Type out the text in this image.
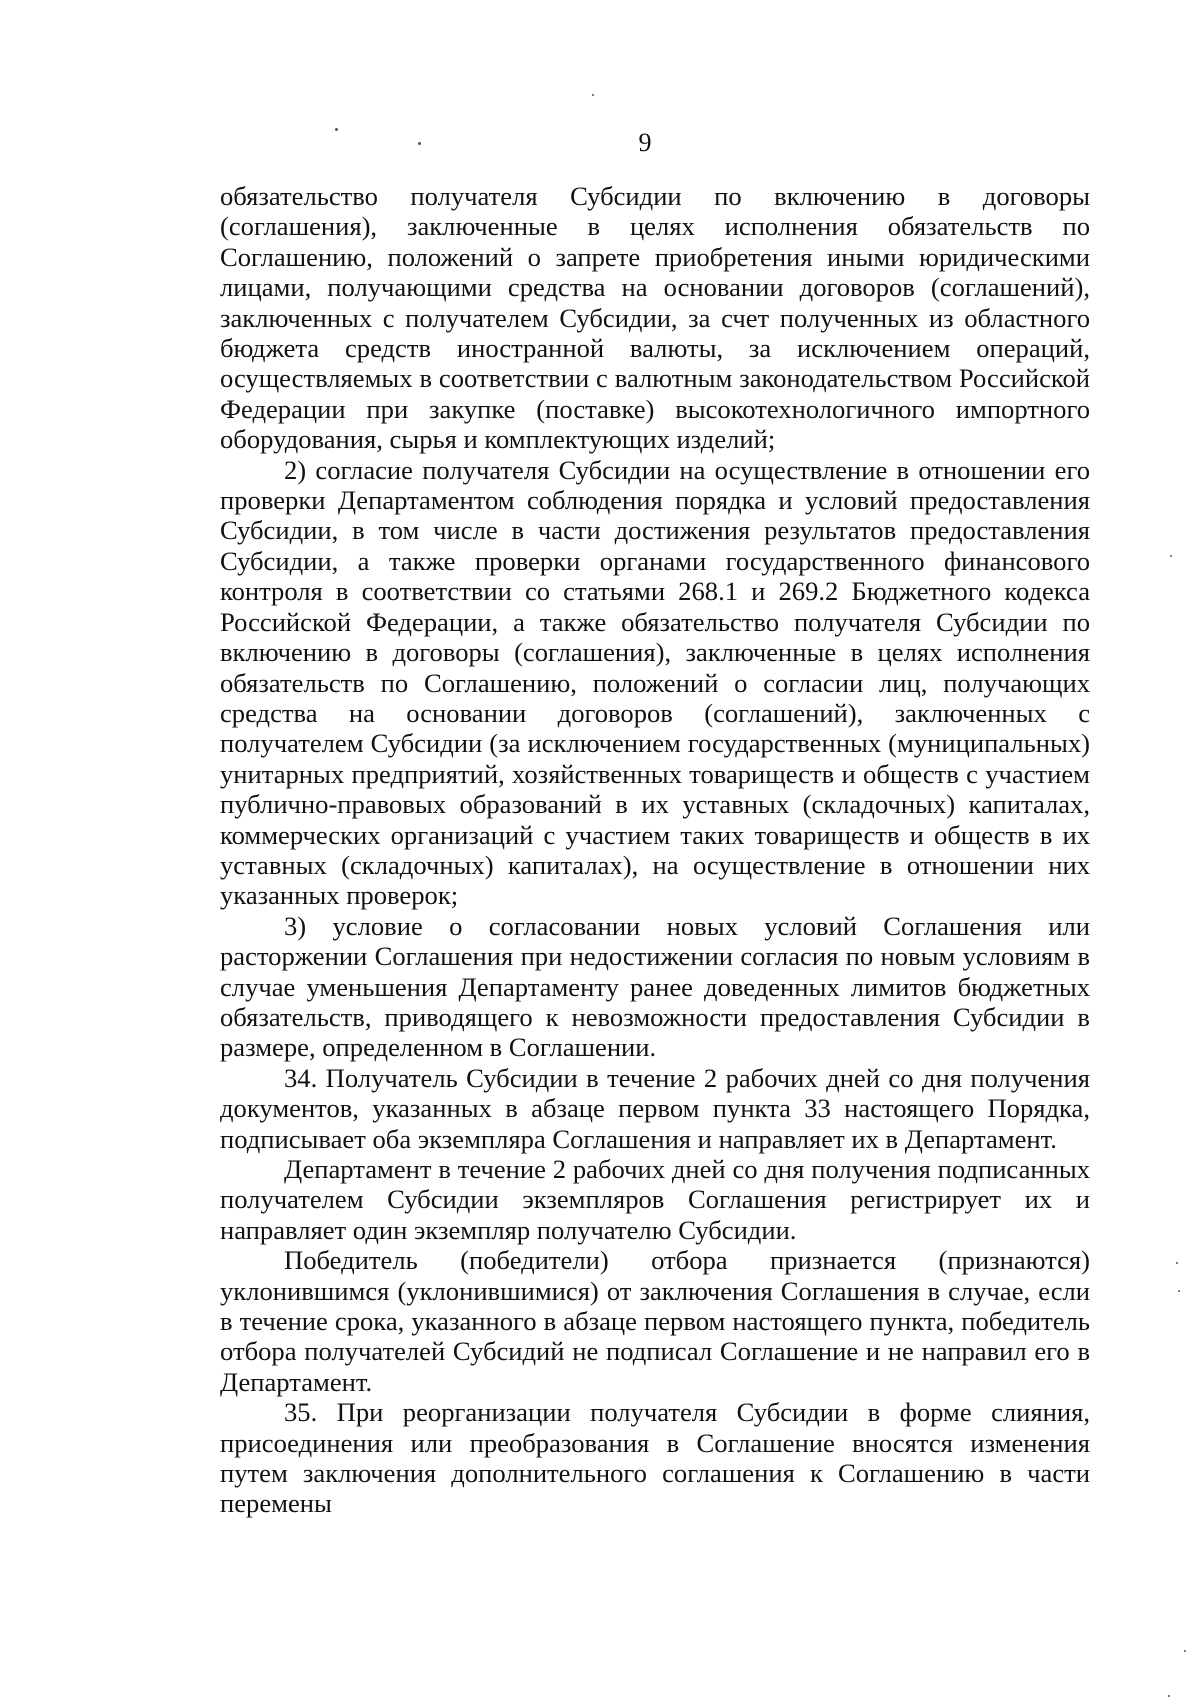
9

обязательство получателя Субсидии по включению в договоры (соглашения), заключенные в целях исполнения обязательств по Соглашению, положений о запрете приобретения иными юридическими лицами, получающими средства на основании договоров (соглашений), заключенных с получателем Субсидии, за счет полученных из областного бюджета средств иностранной валюты, за исключением операций, осуществляемых в соответствии с валютным законодательством Российской Федерации при закупке (поставке) высокотехнологичного импортного оборудования, сырья и комплектующих изделий;

2) согласие получателя Субсидии на осуществление в отношении его проверки Департаментом соблюдения порядка и условий предоставления Субсидии, в том числе в части достижения результатов предоставления Субсидии, а также проверки органами государственного финансового контроля в соответствии со статьями 268.1 и 269.2 Бюджетного кодекса Российской Федерации, а также обязательство получателя Субсидии по включению в договоры (соглашения), заключенные в целях исполнения обязательств по Соглашению, положений о согласии лиц, получающих средства на основании договоров (соглашений), заключенных с получателем Субсидии (за исключением государственных (муниципальных) унитарных предприятий, хозяйственных товариществ и обществ с участием публично-правовых образований в их уставных (складочных) капиталах, коммерческих организаций с участием таких товариществ и обществ в их уставных (складочных) капиталах), на осуществление в отношении них указанных проверок;

3) условие о согласовании новых условий Соглашения или расторжении Соглашения при недостижении согласия по новым условиям в случае уменьшения Департаменту ранее доведенных лимитов бюджетных обязательств, приводящего к невозможности предоставления Субсидии в размере, определенном в Соглашении.

34. Получатель Субсидии в течение 2 рабочих дней со дня получения документов, указанных в абзаце первом пункта 33 настоящего Порядка, подписывает оба экземпляра Соглашения и направляет их в Департамент.

Департамент в течение 2 рабочих дней со дня получения подписанных получателем Субсидии экземпляров Соглашения регистрирует их и направляет один экземпляр получателю Субсидии.

Победитель (победители) отбора признается (признаются) уклонившимся (уклонившимися) от заключения Соглашения в случае, если в течение срока, указанного в абзаце первом настоящего пункта, победитель отбора получателей Субсидий не подписал Соглашение и не направил его в Департамент.

35. При реорганизации получателя Субсидии в форме слияния, присоединения или преобразования в Соглашение вносятся изменения путем заключения дополнительного соглашения к Соглашению в части перемены
